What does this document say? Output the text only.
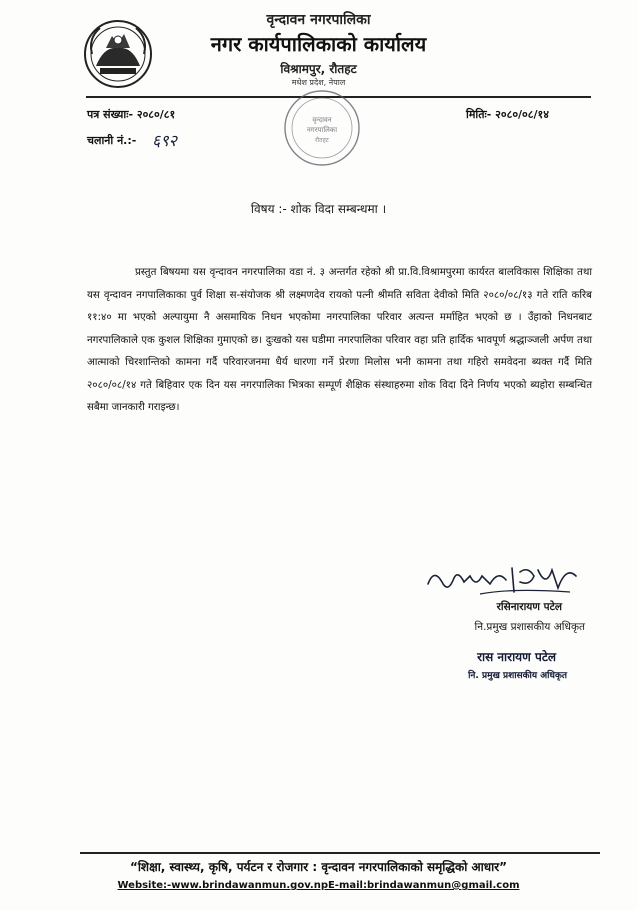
वृन्दावन नगरपालिका
नगर कार्यपालिकाको कार्यालय
विश्रामपुर, रौतहट
मधेश प्रदेश, नेपाल
वृन्दावन
नगरपालिका
रौतहट
पत्र संख्याः- २०८०/८१
चलानी नं.:- ६९२
मितिः- २०८०/०८/१४
विषय :- शोक विदा सम्बन्धमा ।

प्रस्तुत बिषयमा यस वृन्दावन नगरपालिका वडा नं. ३ अन्तर्गत रहेको श्री प्रा.वि.विश्रामपुरमा कार्यरत बालविकास शिक्षिका तथा यस वृन्दावन नगपालिकाका पुर्व शिक्षा स-संयोजक श्री लक्ष्मणदेव रायको पत्नी श्रीमति सविता देवीको मिति २०८०/०८/१३ गते राति करिब ११:४० मा भएको अल्पायुमा नै असमायिक निधन भएकोमा नगरपालिका परिवार अत्यन्त मर्माहित भएको छ । उँहाको निधनबाट नगरपालिकाले एक कुशल शिक्षिका गुमाएको छ। दुःखको यस घडीमा नगरपालिका परिवार वहा प्रति हार्दिक भावपूर्ण श्रद्धाञ्जली अर्पण तथा आत्माको चिरशान्तिको कामना गर्दै परिवारजनमा धैर्य धारणा गर्ने प्रेरणा मिलोस भनी कामना तथा गहिरो समवेदना ब्यक्त गर्दै मिति २०८०/०८/१४ गते बिहिवार एक दिन यस नगरपालिका भित्रका सम्पूर्ण शैक्षिक संस्थाहरुमा शोक विदा दिने निर्णय भएको ब्यहोरा सम्बन्धित सबैमा जानकारी गराइन्छ।

रसिनारायण पटेल
नि.प्रमुख प्रशासकीय अधिकृत
रास नारायण पटेल
नि. प्रमुख प्रशासकीय अधिकृत
“शिक्षा, स्वास्थ्य, कृषि, पर्यटन र रोजगार : वृन्दावन नगरपालिकाको समृद्धिको आधार”
Website:-www.brindawanmun.gov.npE-mail:brindawanmun@gmail.com
